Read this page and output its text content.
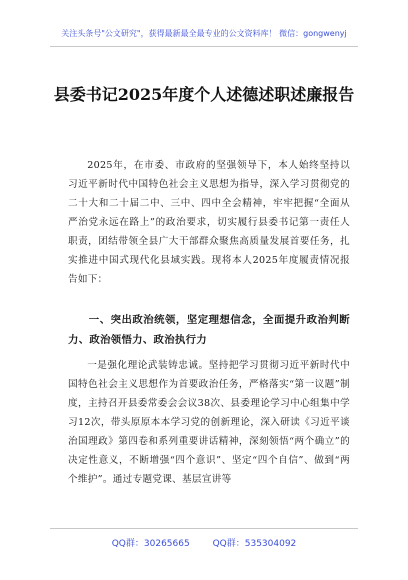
关注头条号"公文研究"，获得最新最全最专业的公文资料库！ 微信：gongwenyj
县委书记2025年度个人述德述职述廉报告
2025年，在市委、市政府的坚强领导下，本人始终坚持以习近平新时代中国特色社会主义思想为指导，深入学习贯彻党的二十大和二十届二中、三中、四中全会精神，牢牢把握“全面从严治党永远在路上”的政治要求，切实履行县委书记第一责任人职责，团结带领全县广大干部群众聚焦高质量发展首要任务，扎实推进中国式现代化县域实践。现将本人2025年度履责情况报告如下：
一、突出政治统领，坚定理想信念，全面提升政治判断力、政治领悟力、政治执行力
一是强化理论武装铸忠诚。坚持把学习贯彻习近平新时代中国特色社会主义思想作为首要政治任务，严格落实“第一议题”制度，主持召开县委常委会会议38次、县委理论学习中心组集中学习12次，带头原原本本学习党的创新理论，深入研读《习近平谈治国理政》第四卷和系列重要讲话精神，深刻领悟“两个确立”的决定性意义，不断增强“四个意识”、坚定“四个自信”、做到“两个维护”。通过专题党课、基层宣讲等
QQ群：30265665	QQ群：535304092
